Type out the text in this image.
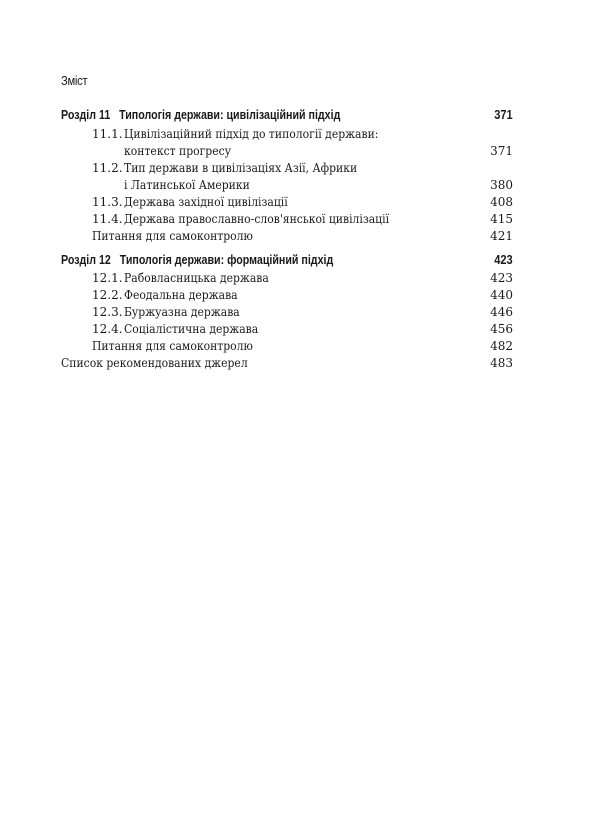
Зміст
Розділ 11   Типологія держави: цивілізаційний підхід	371
11.1. Цивілізаційний підхід до типології держави:
контекст прогресу	371
11.2. Тип держави в цивілізаціях Азії, Африки
і Латинської Америки	380
11.3. Держава західної цивілізації	408
11.4. Держава православно-слов'янської цивілізації	415
Питання для самоконтролю	421
Розділ 12   Типологія держави: формаційний підхід	423
12.1. Рабовласницька держава	423
12.2. Феодальна держава	440
12.3. Буржуазна держава	446
12.4. Соціалістична держава	456
Питання для самоконтролю	482
Список рекомендованих джерел	483
